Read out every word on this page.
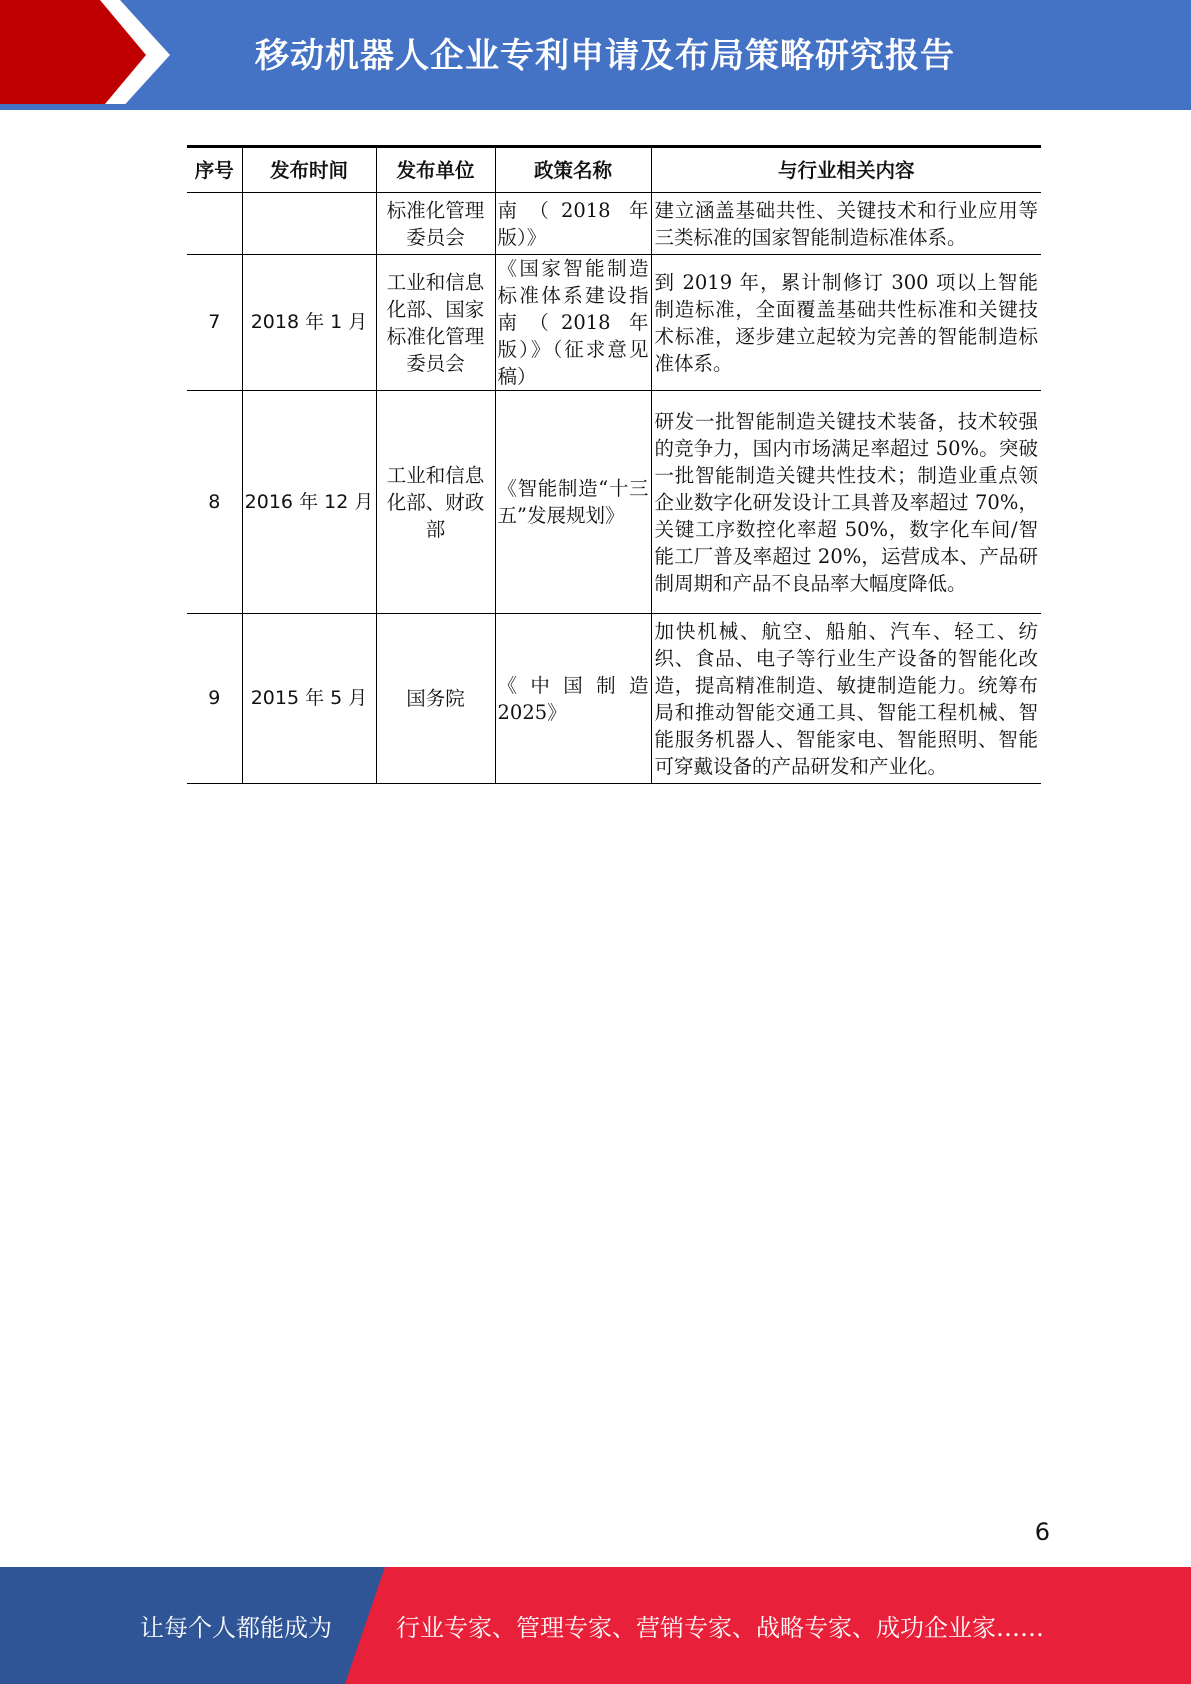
移动机器人企业专利申请及布局策略研究报告
序号	发布时间	发布单位	政策名称	与行业相关内容
		标准化管理委员会	南（2018 年版）》	建立涵盖基础共性、关键技术和行业应用等三类标准的国家智能制造标准体系。
7	2018 年 1 月	工业和信息化部、国家标准化管理委员会	《国家智能制造标准体系建设指南（2018 年版）》（征求意见稿）	到 2019 年，累计制修订 300 项以上智能制造标准，全面覆盖基础共性标准和关键技术标准，逐步建立起较为完善的智能制造标准体系。
8	2016 年 12 月	工业和信息化部、财政部	《智能制造“十三五”发展规划》	研发一批智能制造关键技术装备，技术较强的竞争力，国内市场满足率超过 50%。突破一批智能制造关键共性技术；制造业重点领企业数字化研发设计工具普及率超过 70%，关键工序数控化率超 50%，数字化车间/智能工厂普及率超过 20%，运营成本、产品研制周期和产品不良品率大幅度降低。
9	2015 年 5 月	国务院	《中国制造 2025》	加快机械、航空、船舶、汽车、轻工、纺织、食品、电子等行业生产设备的智能化改造，提高精准制造、敏捷制造能力。统筹布局和推动智能交通工具、智能工程机械、智能服务机器人、智能家电、智能照明、智能可穿戴设备的产品研发和产业化。
6
让每个人都能成为	行业专家、管理专家、营销专家、战略专家、成功企业家……
